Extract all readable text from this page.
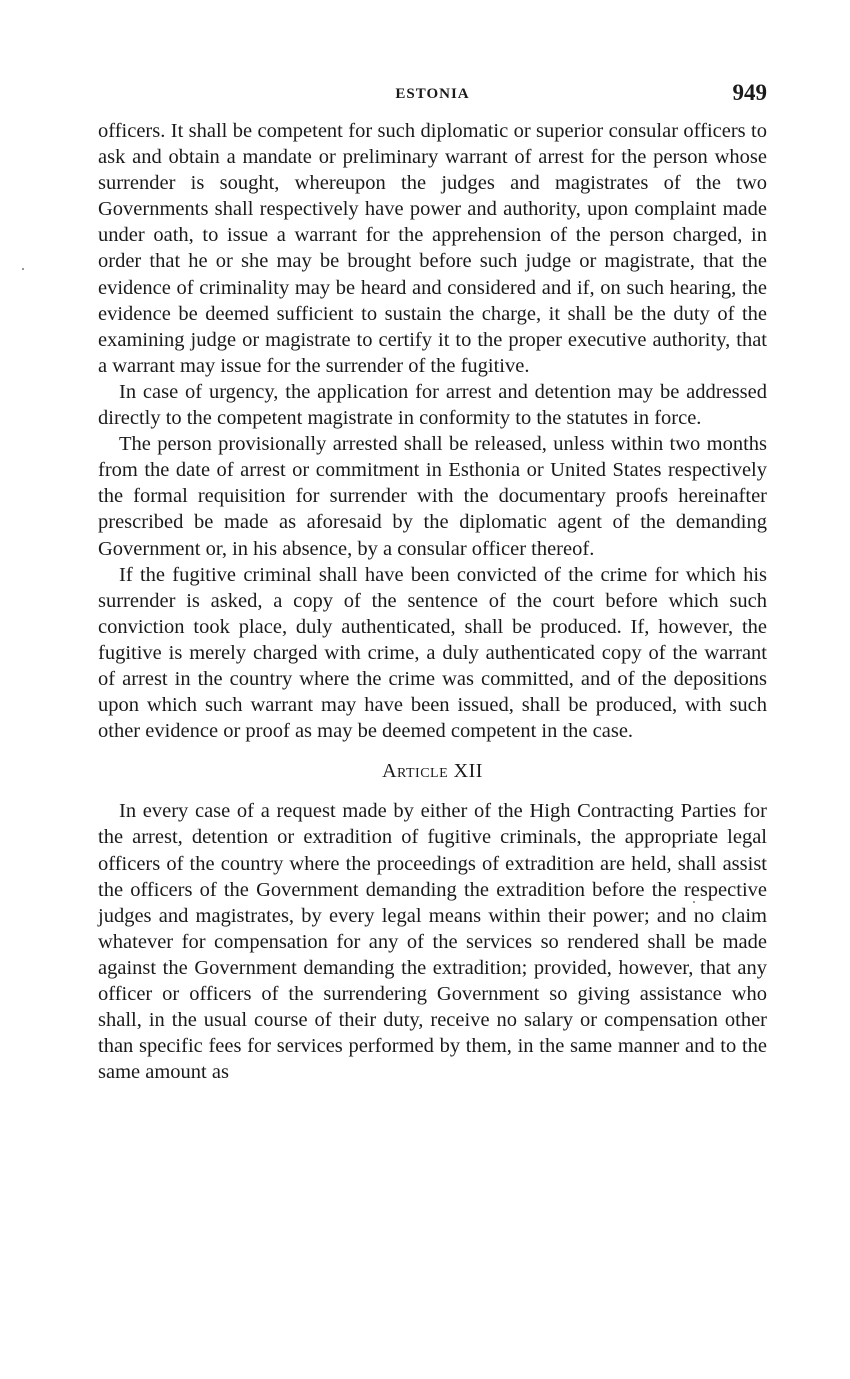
ESTONIA	949

officers. It shall be competent for such diplomatic or superior consular officers to ask and obtain a mandate or preliminary warrant of arrest for the person whose surrender is sought, whereupon the judges and magistrates of the two Governments shall respectively have power and authority, upon complaint made under oath, to issue a warrant for the apprehension of the person charged, in order that he or she may be brought before such judge or magistrate, that the evidence of criminality may be heard and considered and if, on such hearing, the evidence be deemed sufficient to sustain the charge, it shall be the duty of the examining judge or magistrate to certify it to the proper executive authority, that a warrant may issue for the surrender of the fugitive.

In case of urgency, the application for arrest and detention may be addressed directly to the competent magistrate in conformity to the statutes in force.

The person provisionally arrested shall be released, unless within two months from the date of arrest or commitment in Esthonia or United States respectively the formal requisition for surrender with the documentary proofs hereinafter prescribed be made as aforesaid by the diplomatic agent of the demanding Government or, in his absence, by a consular officer thereof.

If the fugitive criminal shall have been convicted of the crime for which his surrender is asked, a copy of the sentence of the court before which such conviction took place, duly authenticated, shall be produced. If, however, the fugitive is merely charged with crime, a duly authenticated copy of the warrant of arrest in the country where the crime was committed, and of the depositions upon which such warrant may have been issued, shall be produced, with such other evidence or proof as may be deemed competent in the case.

Article XII

In every case of a request made by either of the High Contracting Parties for the arrest, detention or extradition of fugitive criminals, the appropriate legal officers of the country where the proceedings of extradition are held, shall assist the officers of the Government demanding the extradition before the respective judges and magistrates, by every legal means within their power; and no claim whatever for compensation for any of the services so rendered shall be made against the Government demanding the extradition; provided, however, that any officer or officers of the surrendering Government so giving assistance who shall, in the usual course of their duty, receive no salary or compensation other than specific fees for services performed by them, in the same manner and to the same amount as
